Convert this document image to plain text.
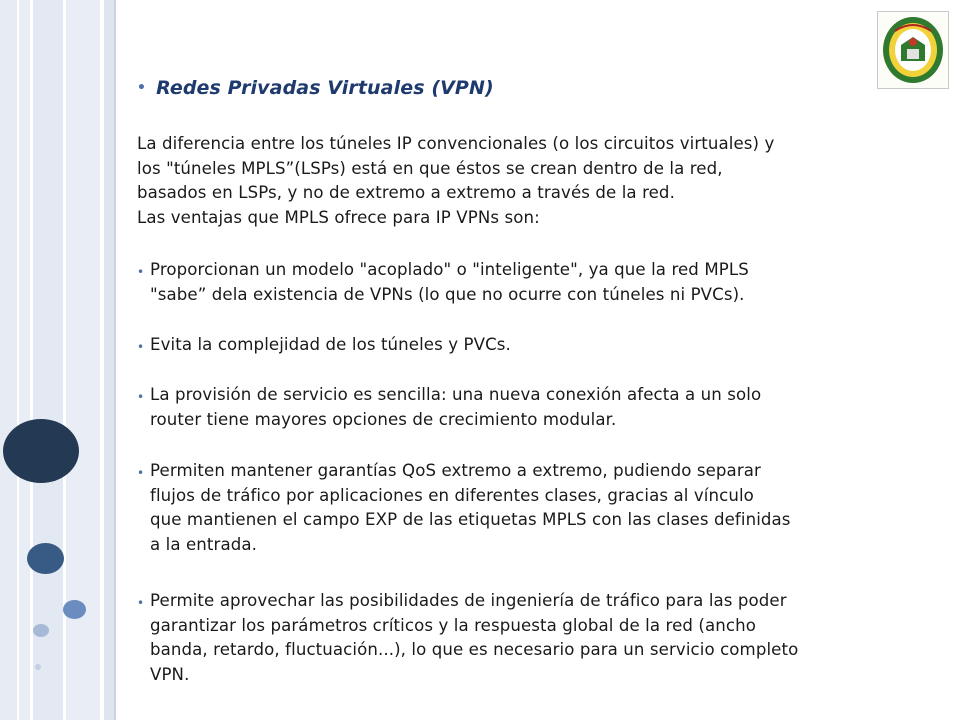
• Redes Privadas Virtuales (VPN)
La diferencia entre los túneles IP convencionales (o los circuitos virtuales) y
los "túneles MPLS”(LSPs) está en que éstos se crean dentro de la red,
basados en LSPs, y no de extremo a extremo a través de la red.
Las ventajas que MPLS ofrece para IP VPNs son:
• Proporcionan un modelo "acoplado" o "inteligente", ya que la red MPLS
"sabe” dela existencia de VPNs (lo que no ocurre con túneles ni PVCs).
• Evita la complejidad de los túneles y PVCs.
• La provisión de servicio es sencilla: una nueva conexión afecta a un solo
router tiene mayores opciones de crecimiento modular.
• Permiten mantener garantías QoS extremo a extremo, pudiendo separar
flujos de tráfico por aplicaciones en diferentes clases, gracias al vínculo
que mantienen el campo EXP de las etiquetas MPLS con las clases definidas
a la entrada.
• Permite aprovechar las posibilidades de ingeniería de tráfico para las poder
garantizar los parámetros críticos y la respuesta global de la red (ancho
banda, retardo, fluctuación...), lo que es necesario para un servicio completo
VPN.
